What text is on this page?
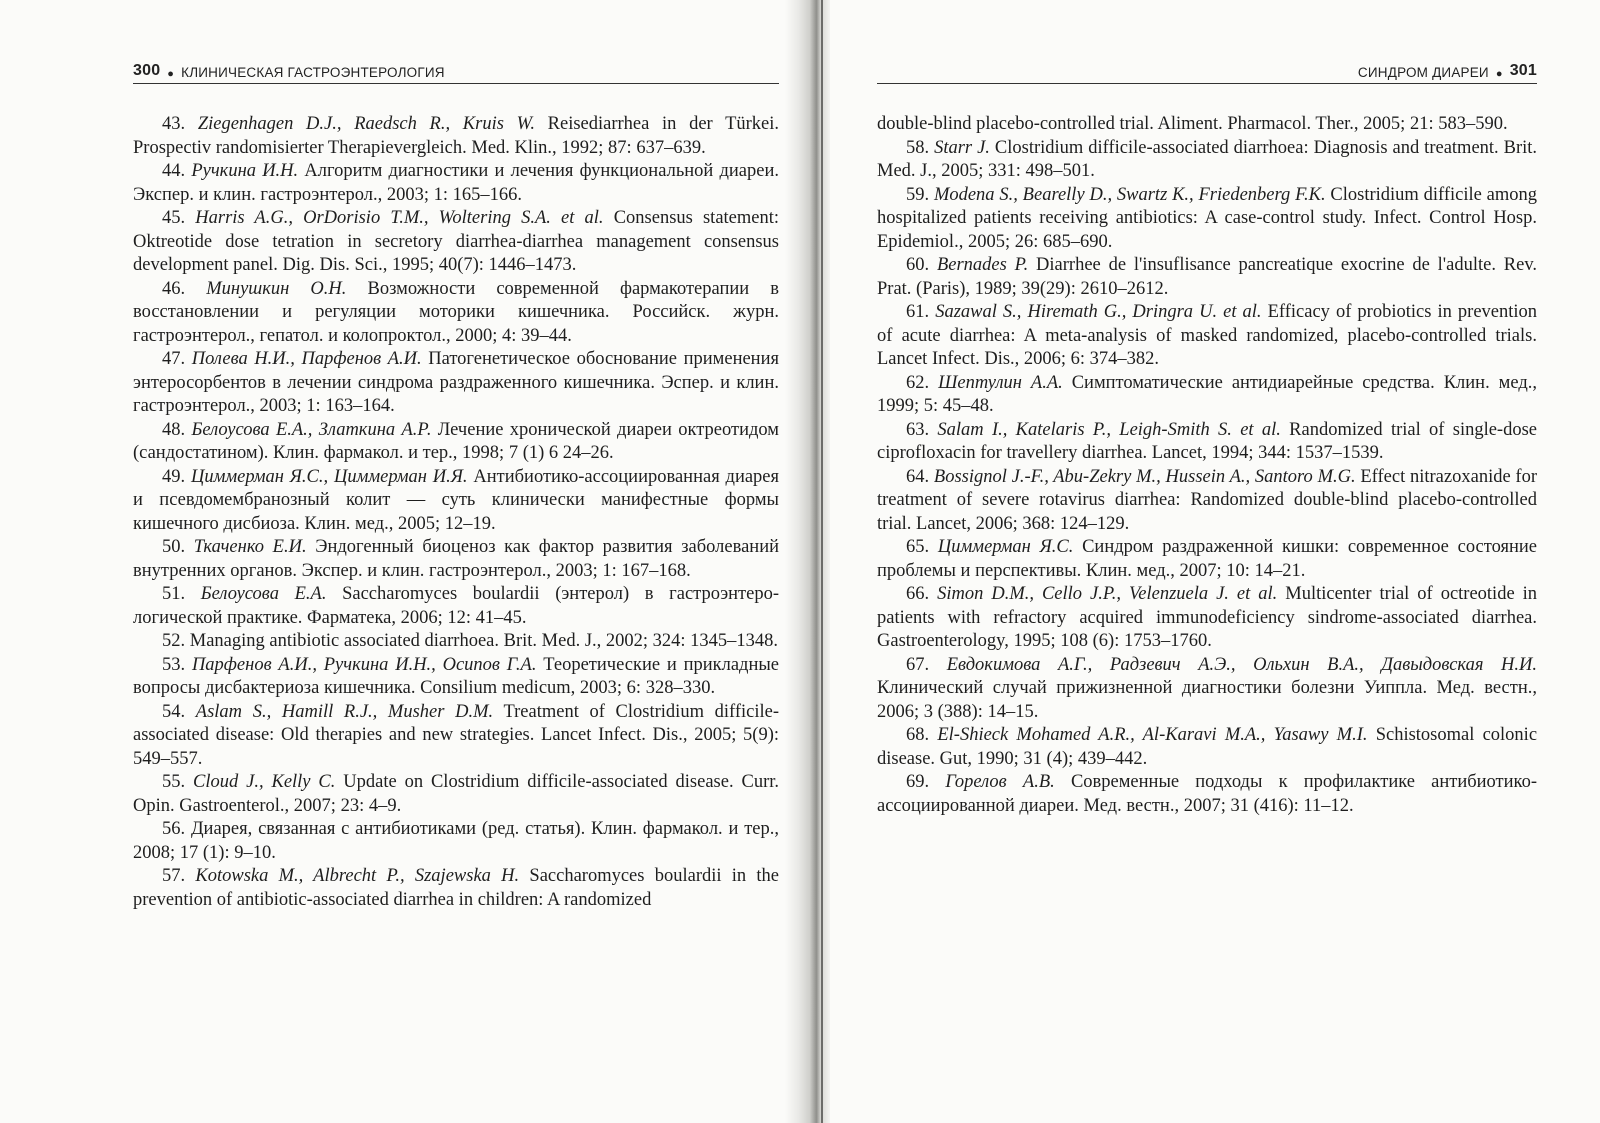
300 ● КЛИНИЧЕСКАЯ ГАСТРОЭНТЕРОЛОГИЯ

43. Ziegenhagen D.J., Raedsch R., Kruis W. Reisediarrhea in der Türkei. Prospectiv randomisierter Therapievergleich. Med. Klin., 1992; 87: 637–639.

44. Ручкина И.Н. Алгоритм диагностики и лечения функциональной диареи. Экспер. и клин. гастроэнтерол., 2003; 1: 165–166.

45. Harris A.G., OrDorisio T.M., Woltering S.A. et al. Consensus statement: Oktreotide dose tetration in secretory diarrhea-diarrhea management consensus development panel. Dig. Dis. Sci., 1995; 40(7): 1446–1473.

46. Минушкин О.Н. Возможности современной фармакотерапии в восстановлении и регуляции моторики кишечника. Российск. журн. гастроэнтерол., гепатол. и колопроктол., 2000; 4: 39–44.

47. Полева Н.И., Парфенов А.И. Патогенетическое обоснование применения энтеросорбентов в лечении синдрома раздраженного кишечника. Эспер. и клин. гастроэнтерол., 2003; 1: 163–164.

48. Белоусова Е.А., Златкина А.Р. Лечение хронической диареи октреотидом (сандостатином). Клин. фармакол. и тер., 1998; 7 (1) 6 24–26.

49. Циммерман Я.С., Циммерман И.Я. Антибиотико-ассоциированная диарея и псевдомембранозный колит — суть клинически манифестные формы кишечного дисбиоза. Клин. мед., 2005; 12–19.

50. Ткаченко Е.И. Эндогенный биоценоз как фактор развития заболеваний внутренних органов. Экспер. и клин. гастроэнтерол., 2003; 1: 167–168.

51. Белоусова Е.А. Saccharomyces boulardii (энтерол) в гастроэнтерологической практике. Фарматека, 2006; 12: 41–45.

52. Managing antibiotic associated diarrhoea. Brit. Med. J., 2002; 324: 1345–1348.

53. Парфенов А.И., Ручкина И.Н., Осипов Г.А. Теоретические и прикладные вопросы дисбактериоза кишечника. Consilium medicum, 2003; 6: 328–330.

54. Aslam S., Hamill R.J., Musher D.M. Treatment of Clostridium difficile-associated disease: Old therapies and new strategies. Lancet Infect. Dis., 2005; 5(9): 549–557.

55. Cloud J., Kelly C. Update on Clostridium difficile-associated disease. Curr. Opin. Gastroenterol., 2007; 23: 4–9.

56. Диарея, связанная с антибиотиками (ред. статья). Клин. фармакол. и тер., 2008; 17 (1): 9–10.

57. Kotowska M., Albrecht P., Szajewska H. Saccharomyces boulardii in the prevention of antibiotic-associated diarrhea in children: A randomized

СИНДРОМ ДИАРЕИ ● 301

double-blind placebo-controlled trial. Aliment. Pharmacol. Ther., 2005; 21: 583–590.

58. Starr J. Clostridium difficile-associated diarrhoea: Diagnosis and treatment. Brit. Med. J., 2005; 331: 498–501.

59. Modena S., Bearelly D., Swartz K., Friedenberg F.K. Clostridium difficile among hospitalized patients receiving antibiotics: A case-control study. Infect. Control Hosp. Epidemiol., 2005; 26: 685–690.

60. Bernades P. Diarrhee de l'insuflisance pancreatique exocrine de l'adulte. Rev. Prat. (Paris), 1989; 39(29): 2610–2612.

61. Sazawal S., Hiremath G., Dringra U. et al. Efficacy of probiotics in prevention of acute diarrhea: A meta-analysis of masked randomized, placebo-controlled trials. Lancet Infect. Dis., 2006; 6: 374–382.

62. Шептулин А.А. Симптоматические антидиарейные средства. Клин. мед., 1999; 5: 45–48.

63. Salam I., Katelaris P., Leigh-Smith S. et al. Randomized trial of single-dose ciprofloxacin for travellery diarrhea. Lancet, 1994; 344: 1537–1539.

64. Bossignol J.-F., Abu-Zekry M., Hussein A., Santoro M.G. Effect nitrazoxanide for treatment of severe rotavirus diarrhea: Randomized double-blind placebo-controlled trial. Lancet, 2006; 368: 124–129.

65. Циммерман Я.С. Синдром раздраженной кишки: современное состояние проблемы и перспективы. Клин. мед., 2007; 10: 14–21.

66. Simon D.M., Cello J.P., Velenzuela J. et al. Multicenter trial of octreotide in patients with refractory acquired immunodeficiency sindrome-associated diarrhea. Gastroenterology, 1995; 108 (6): 1753–1760.

67. Евдокимова А.Г., Радзевич А.Э., Ольхин В.А., Давыдовская Н.И. Клинический случай прижизненной диагностики болезни Уиппла. Мед. вестн., 2006; 3 (388): 14–15.

68. El-Shieck Mohamed A.R., Al-Karavi M.A., Yasawy M.I. Schistosomal colonic disease. Gut, 1990; 31 (4); 439–442.

69. Горелов А.В. Современные подходы к профилактике антибиотико-ассоциированной диареи. Мед. вестн., 2007; 31 (416): 11–12.
